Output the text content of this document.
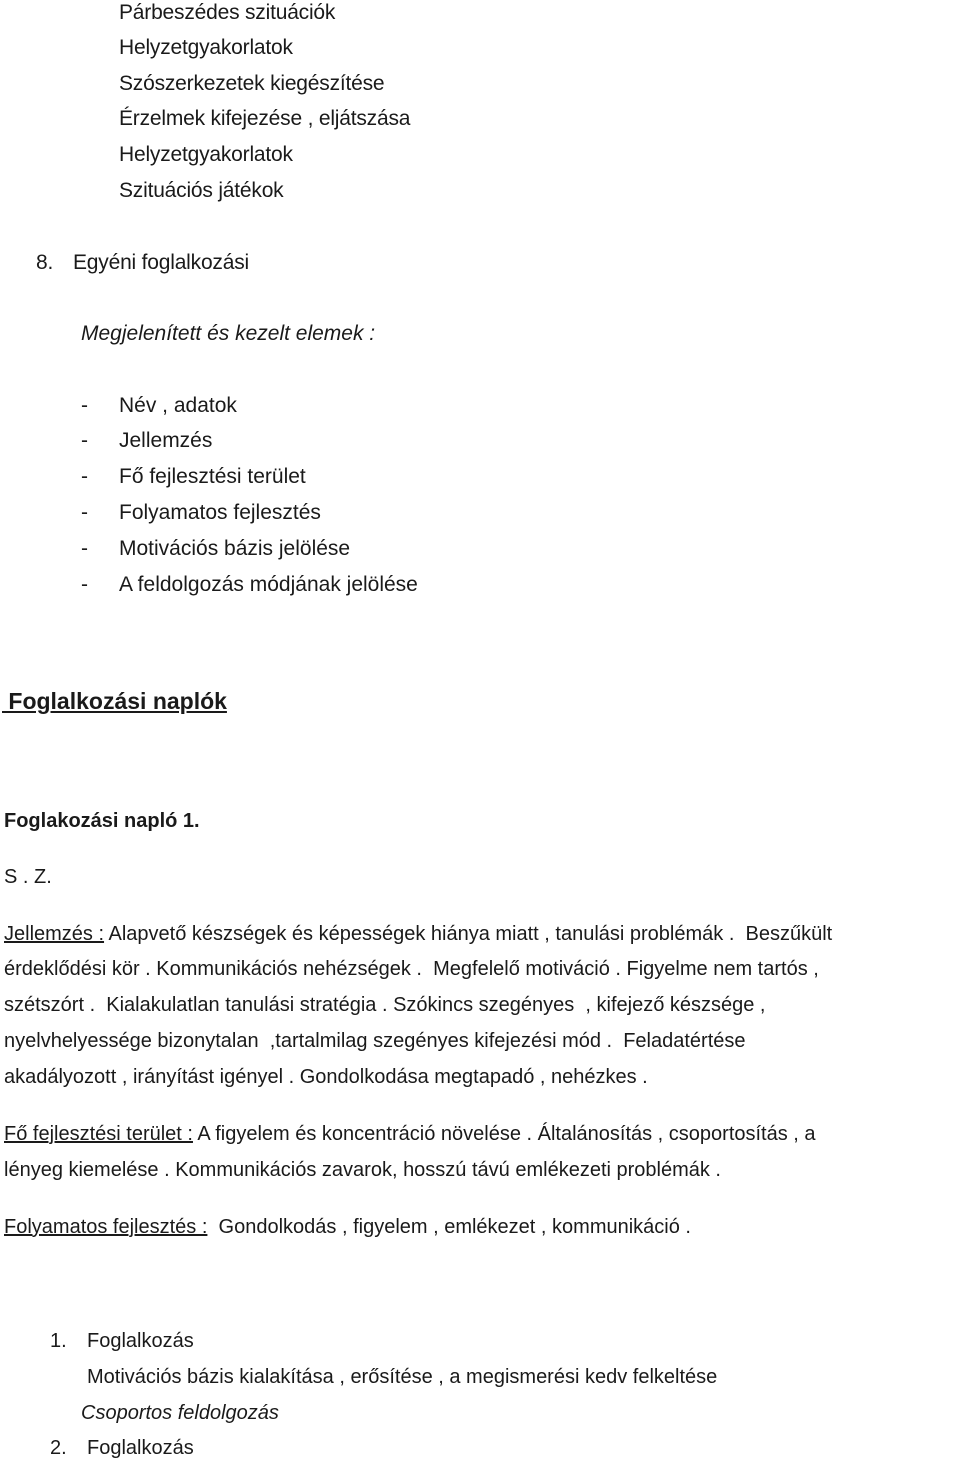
Párbeszédes szituációk
Helyzetgyakorlatok
Szószerkezetek kiegészítése
Érzelmek kifejezése , eljátszása
Helyzetgyakorlatok
Szituációs játékok
8. Egyéni foglalkozási
Megjelenített és kezelt elemek :
- Név , adatok
- Jellemzés
- Fő fejlesztési terület
- Folyamatos fejlesztés
- Motivációs bázis jelölése
- A feldolgozás módjának jelölése
Foglalkozási naplók
Foglakozási napló 1.
S . Z.
Jellemzés : Alapvető készségek és képességek hiánya miatt , tanulási problémák .  Beszűkült
érdeklődési kör . Kommunikációs nehézségek .  Megfelelő motiváció . Figyelme nem tartós ,
szétszórt .  Kialakulatlan tanulási stratégia . Szókincs szegényes  , kifejező készsége ,
nyelvhelyessége bizonytalan  ,tartalmilag szegényes kifejezési mód .  Feladatértése
akadályozott , irányítást igényel . Gondolkodása megtapadó , nehézkes .
Fő fejlesztési terület : A figyelem és koncentráció növelése . Általánosítás , csoportosítás , a
lényeg kiemelése . Kommunikációs zavarok, hosszú távú emlékezeti problémák .
Folyamatos fejlesztés :  Gondolkodás , figyelem , emlékezet , kommunikáció .
1. Foglalkozás
Motivációs bázis kialakítása , erősítése , a megismerési kedv felkeltése
Csoportos feldolgozás
2. Foglalkozás
